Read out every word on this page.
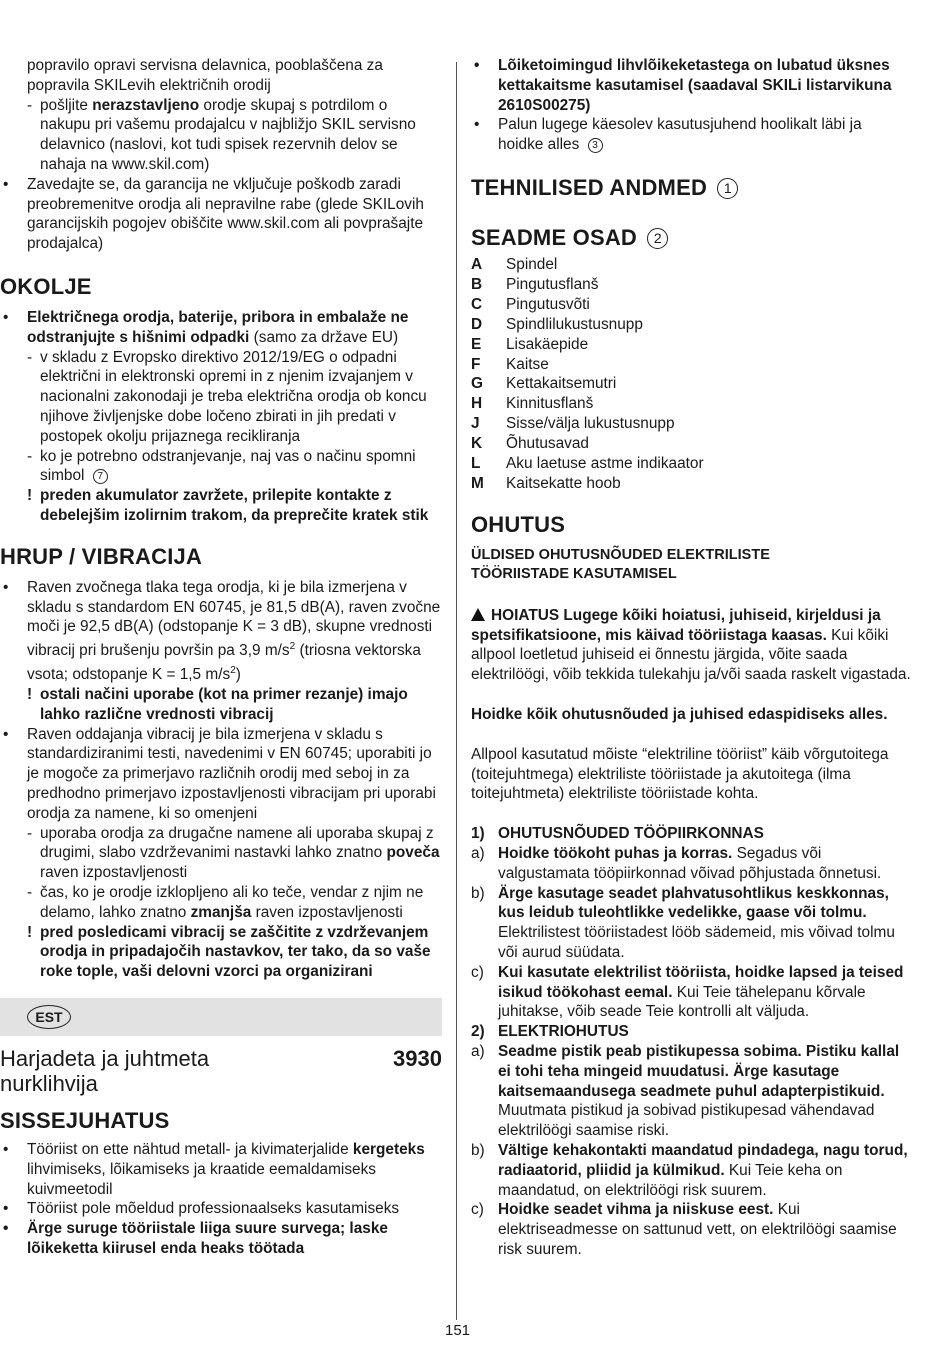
popravilo opravi servisna delavnica, pooblaščena za
popravila SKILevih električnih orodij
- pošljite nerazstavljeno orodje skupaj s potrdilom o nakupu pri vašemu prodajalcu v najbližjo SKIL servisno delavnico (naslovi, kot tudi spisek rezervnih delov se nahaja na www.skil.com)
• Zavedajte se, da garancija ne vključuje poškodb zaradi preobremenitve orodja ali nepravilne rabe (glede SKILovih garancijskih pogojev obiščite www.skil.com ali povprašajte prodajalca)
OKOLJE
• Električnega orodja, baterije, pribora in embalaže ne odstranjujte s hišnimi odpadki (samo za države EU)
- v skladu z Evropsko direktivo 2012/19/EG o odpadni električni in elektronski opremi in z njenim izvajanjem v nacionalni zakonodaji je treba električna orodja ob koncu njihove življenjske dobe ločeno zbirati in jih predati v postopek okolju prijaznega recikliranja
- ko je potrebno odstranjevanje, naj vas o načinu spomni simbol 7
! preden akumulator zavržete, prilepite kontakte z debelejšim izolirnim trakom, da preprečite kratek stik
HRUP / VIBRACIJA
• Raven zvočnega tlaka tega orodja, ki je bila izmerjena v skladu s standardom EN 60745, je 81,5 dB(A), raven zvočne moči je 92,5 dB(A) (odstopanje K = 3 dB), skupne vrednosti vibracij pri brušenju površin pa 3,9 $m/s^2$ (triosna vektorska vsota; odstopanje K = 1,5 $m/s^2$)
! ostali načini uporabe (kot na primer rezanje) imajo lahko različne vrednosti vibracij
• Raven oddajanja vibracij je bila izmerjena v skladu s standardiziranimi testi, navedenimi v EN 60745; uporabiti jo je mogoče za primerjavo različnih orodij med seboj in za predhodno primerjavo izpostavljenosti vibracijam pri uporabi orodja za namene, ki so omenjeni
- uporaba orodja za drugačne namene ali uporaba skupaj z drugimi, slabo vzdrževanimi nastavki lahko znatno poveča raven izpostavljenosti
- čas, ko je orodje izklopljeno ali ko teče, vendar z njim ne delamo, lahko znatno zmanjša raven izpostavljenosti
! pred posledicami vibracij se zaščitite z vzdrževanjem orodja in pripadajočih nastavkov, ter tako, da so vaše roke tople, vaši delovni vzorci pa organizirani
EST
Harjadeta ja juhtmeta nurklihvija
3930
SISSEJUHATUS
• Tööriist on ette nähtud metall- ja kivimaterjalide kergeteks lihvimiseks, lõikamiseks ja kraatide eemaldamiseks kuivmeetodil
• Tööriist pole mõeldud professionaalseks kasutamiseks
• Ärge suruge tööriistale liiga suure survega; laske lõikeketta kiirusel enda heaks töötada
• Lõiketoimingud lihvlõikeketastega on lubatud üksnes kettakaitsme kasutamisel (saadaval SKILi listarvikuna 2610S00275)
• Palun lugege käesolev kasutusjuhend hoolikalt läbi ja hoidke alles 3
TEHNILISED ANDMED 1
SEADME OSAD 2
A	Spindel
B	Pingutusflanš
C	Pingutusvõti
D	Spindlilukustusnupp
E	Lisakäepide
F	Kaitse
G	Kettakaitsemutri
H	Kinnitusflanš
J	Sisse/välja lukustusnupp
K	Õhutusavad
L	Aku laetuse astme indikaator
M	Kaitsekatte hoob
OHUTUS
ÜLDISED OHUTUSNÕUDED ELEKTRILISTE TÖÖRIISTADE KASUTAMISEL
HOIATUS Lugege kõiki hoiatusi, juhiseid, kirjeldusi ja spetsifikatsioone, mis käivad tööriistaga kaasas. Kui kõiki allpool loetletud juhiseid ei õnnestu järgida, võite saada elektrilöögi, võib tekkida tulekahju ja/või saada raskelt vigastada.
Hoidke kõik ohutusnõuded ja juhised edaspidiseks alles.
Allpool kasutatud mõiste “elektriline tööriist” käib võrgutoitega (toitejuhtmega) elektriliste tööriistade ja akutoitega (ilma toitejuhtmeta) elektriliste tööriistade kohta.
1) OHUTUSNÕUDED TÖÖPIIRKONNAS
a) Hoidke töökoht puhas ja korras. Segadus või valgustamata tööpiirkonnad võivad põhjustada õnnetusi.
b) Ärge kasutage seadet plahvatusohtlikus keskkonnas, kus leidub tuleohtlikke vedelikke, gaase või tolmu. Elektrilistest tööriistadest lööb sädemeid, mis võivad tolmu või aurud süüdata.
c) Kui kasutate elektrilist tööriista, hoidke lapsed ja teised isikud töökohast eemal. Kui Teie tähelepanu kõrvale juhitakse, võib seade Teie kontrolli alt väljuda.
2) ELEKTRIOHUTUS
a) Seadme pistik peab pistikupessa sobima. Pistiku kallal ei tohi teha mingeid muudatusi. Ärge kasutage kaitsemaandusega seadmete puhul adapterpistikuid. Muutmata pistikud ja sobivad pistikupesad vähendavad elektrilöögi saamise riski.
b) Vältige kehakontakti maandatud pindadega, nagu torud, radiaatorid, pliidid ja külmikud. Kui Teie keha on maandatud, on elektrilöögi risk suurem.
c) Hoidke seadet vihma ja niiskuse eest. Kui elektriseadmesse on sattunud vett, on elektrilöögi saamise risk suurem.
151
